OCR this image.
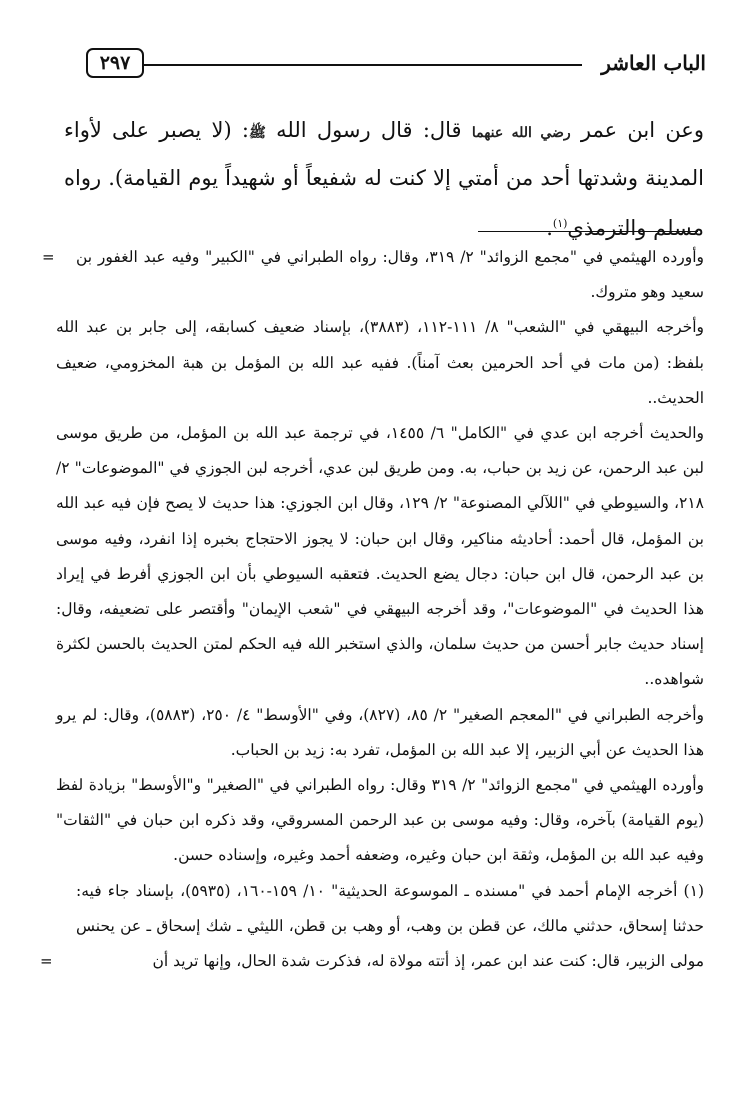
٢٩٧	الباب العاشر

وعن ابن عمر رضي الله عنهما قال: قال رسول الله ﷺ: (لا يصبر على لأواء المدينة وشدتها أحد من أمتي إلا كنت له شفيعاً أو شهيداً يوم القيامة). رواه مسلم والترمذي$^{(١)}$.

= وأورده الهيثمي في "مجمع الزوائد" ٢/ ٣١٩، وقال: رواه الطبراني في "الكبير" وفيه عبد الغفور بن سعيد وهو متروك.

وأخرجه البيهقي في "الشعب" ٨/ ١١١-١١٢، (٣٨٨٣)، بإسناد ضعيف كسابقه، إلى جابر بن عبد الله بلفظ: (من مات في أحد الحرمين بعث آمناً). ففيه عبد الله بن المؤمل بن هبة المخزومي، ضعيف الحديث..

والحديث أخرجه ابن عدي في "الكامل" ٦/ ١٤٥٥، في ترجمة عبد الله بن المؤمل، من طريق موسى لبن عبد الرحمن، عن زيد بن حباب، به. ومن طريق لبن عدي، أخرجه لبن الجوزي في "الموضوعات" ٢/ ٢١٨، والسيوطي في "اللآلي المصنوعة" ٢/ ١٢٩، وقال ابن الجوزي: هذا حديث لا يصح فإن فيه عبد الله بن المؤمل، قال أحمد: أحاديثه مناكير، وقال ابن حبان: لا يجوز الاحتجاج بخبره إذا انفرد، وفيه موسى بن عبد الرحمن، قال ابن حبان: دجال يضع الحديث. فتعقبه السيوطي بأن ابن الجوزي أفرط في إيراد هذا الحديث في "الموضوعات"، وقد أخرجه البيهقي في "شعب الإيمان" وأقتصر على تضعيفه، وقال: إسناد حديث جابر أحسن من حديث سلمان، والذي استخبر الله فيه الحكم لمتن الحديث بالحسن لكثرة شواهده..

وأخرجه الطبراني في "المعجم الصغير" ٢/ ٨٥، (٨٢٧)، وفي "الأوسط" ٤/ ٢٥٠، (٥٨٨٣)، وقال: لم يرو هذا الحديث عن أبي الزبير، إلا عبد الله بن المؤمل، تفرد به: زيد بن الحباب.

وأورده الهيثمي في "مجمع الزوائد" ٢/ ٣١٩ وقال: رواه الطبراني في "الصغير" و"الأوسط" بزيادة لفظ (يوم القيامة) بآخره، وقال: وفيه موسى بن عبد الرحمن المسروقي، وقد ذكره ابن حبان في "الثقات" وفيه عبد الله بن المؤمل، وثقة ابن حبان وغيره، وضعفه أحمد وغيره، وإسناده حسن.

(١) أخرجه الإمام أحمد في "مسنده ـ الموسوعة الحديثية" ١٠/ ١٥٩-١٦٠، (٥٩٣٥)، بإسناد جاء فيه: حدثنا إسحاق، حدثني مالك، عن قطن بن وهب، أو وهب بن قطن، الليثي ـ شك إسحاق ـ عن يحنس مولى الزبير، قال: كنت عند ابن عمر، إذ أتته مولاة له، فذكرت شدة الحال، وإنها تريد أن
=
